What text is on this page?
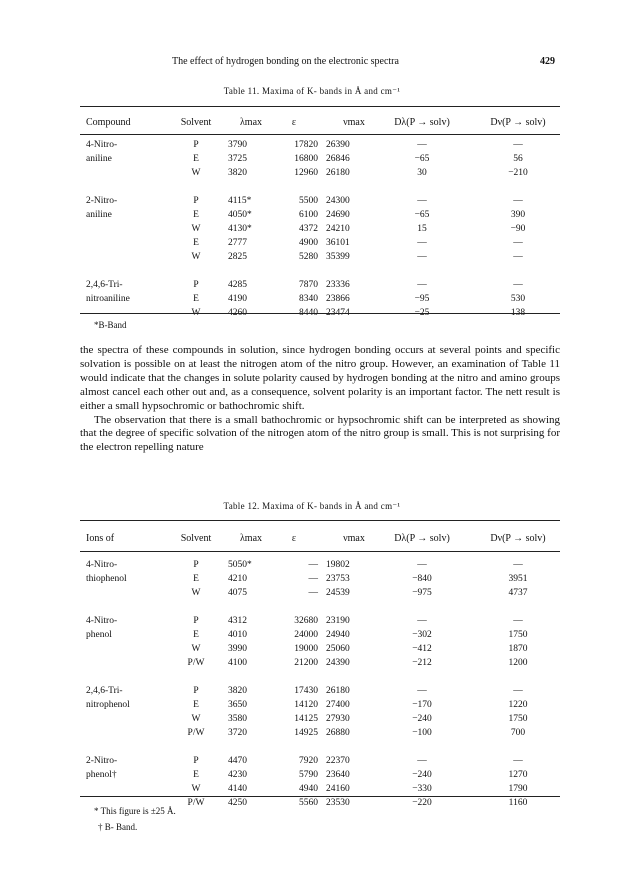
The effect of hydrogen bonding on the electronic spectra	429
Table 11. Maxima of K- bands in Å and cm⁻¹
Compound	Solvent	λmax	ε	νmax	Dλ(P → solv)	Dν(P → solv)
4-Nitro-	P	3790	17820 26390	—	—
aniline	E	3725	16800 26846	−65	56
W	3820	12960 26180	30	−210
2-Nitro-	P	4115*	5500 24300	—	—
aniline	E	4050*	6100 24690	−65	390
W	4130*	4372 24210	15	−90
E	2777	4900 36101	—	—
W	2825	5280 35399	—	—
2,4,6-Tri-	P	4285	7870 23336	—	—
nitroaniline	E	4190	8340 23866	−95	530
W	4260	8440 23474	−25	138
*B-Band

the spectra of these compounds in solution, since hydrogen bonding occurs at several points and specific solvation is possible on at least the nitrogen atom of the nitro group. However, an examination of Table 11 would indicate that the changes in solute polarity caused by hydrogen bonding at the nitro and amino groups almost cancel each other out and, as a consequence, solvent polarity is an important factor. The nett result is either a small hypsochromic or bathochromic shift.

The observation that there is a small bathochromic or hypsochromic shift can be interpreted as showing that the degree of specific solvation of the nitrogen atom of the nitro group is small. This is not surprising for the electron repelling nature

Table 12. Maxima of K- bands in Å and cm⁻¹
Ions of	Solvent	λmax	ε	νmax	Dλ(P → solv)	Dν(P → solv)
4-Nitro-	P	5050*	— 19802	—	—
thiophenol	E	4210	— 23753	−840	3951
W	4075	— 24539	−975	4737
4-Nitro-	P	4312	32680 23190	—	—
phenol	E	4010	24000 24940	−302	1750
W	3990	19000 25060	−412	1870
P/W	4100	21200 24390	−212	1200
2,4,6-Tri-	P	3820	17430 26180	—	—
nitrophenol	E	3650	14120 27400	−170	1220
W	3580	14125 27930	−240	1750
P/W	3720	14925 26880	−100	700
2-Nitro-	P	4470	7920 22370	—	—
phenol†	E	4230	5790 23640	−240	1270
W	4140	4940 24160	−330	1790
P/W	4250	5560 23530	−220	1160
* This figure is ±25 Å.
† B- Band.
